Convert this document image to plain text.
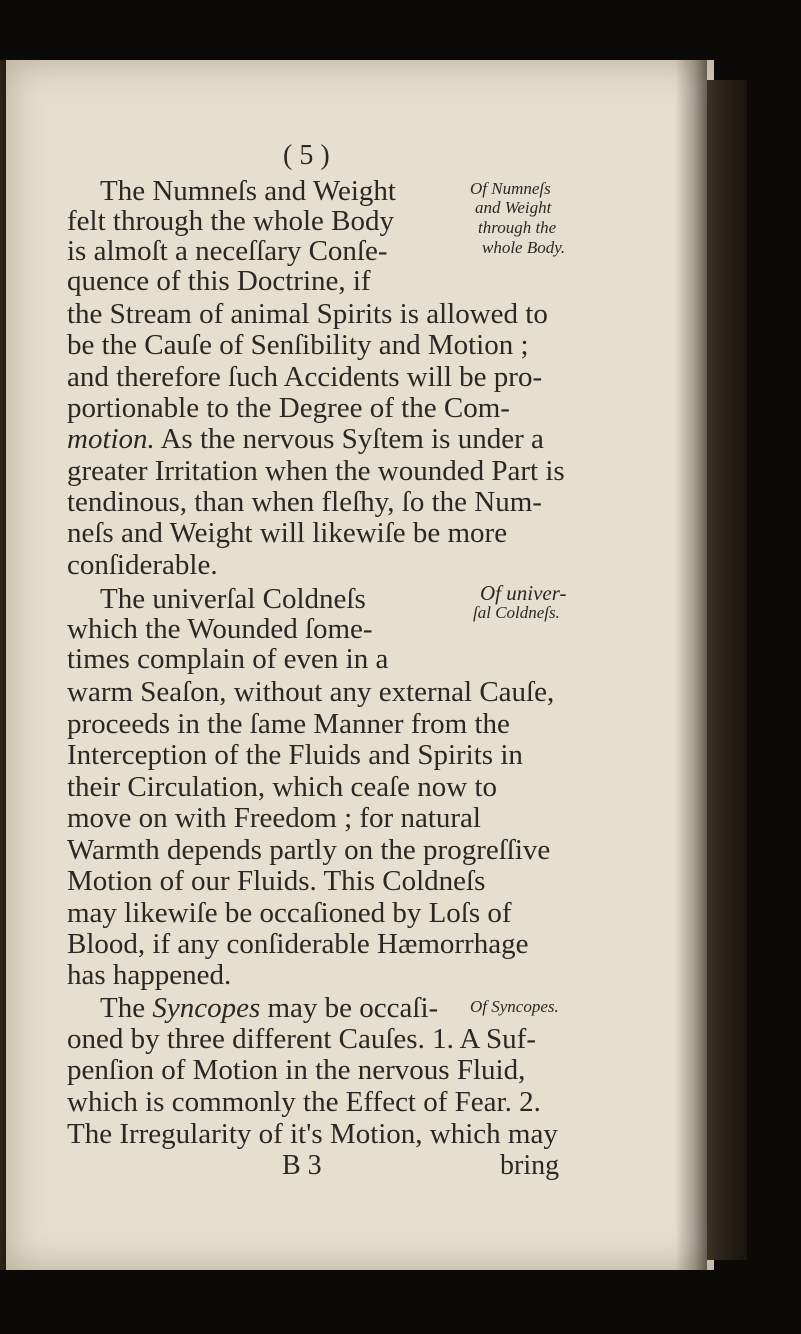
( 5 )
The Numneſs and Weight
felt through the whole Body
is almoſt a neceſſary Conſe-
quence of this Doctrine, if
the Stream of animal Spirits is allowed to
be the Cauſe of Senſibility and Motion ;
and therefore ſuch Accidents will be pro-
portionable to the Degree of the Com-
motion. As the nervous Syſtem is under a
greater Irritation when the wounded Part is
tendinous, than when fleſhy, ſo the Num-
neſs and Weight will likewiſe be more
conſiderable.
The univerſal Coldneſs
which the Wounded ſome-
times complain of even in a
warm Seaſon, without any external Cauſe,
proceeds in the ſame Manner from the
Interception of the Fluids and Spirits in
their Circulation, which ceaſe now to
move on with Freedom ; for natural
Warmth depends partly on the progreſſive
Motion of our Fluids. This Coldneſs
may likewiſe be occaſioned by Loſs of
Blood, if any conſiderable Hæmorrhage
has happened.
The Syncopes may be occaſi-
oned by three different Cauſes. 1. A Suf-
penſion of Motion in the nervous Fluid,
which is commonly the Effect of Fear. 2.
The Irregularity of it's Motion, which may
Of Numneſs
and Weight
through the
whole Body.
Of univer-
ſal Coldneſs.
Of Syncopes.
B 3	bring
